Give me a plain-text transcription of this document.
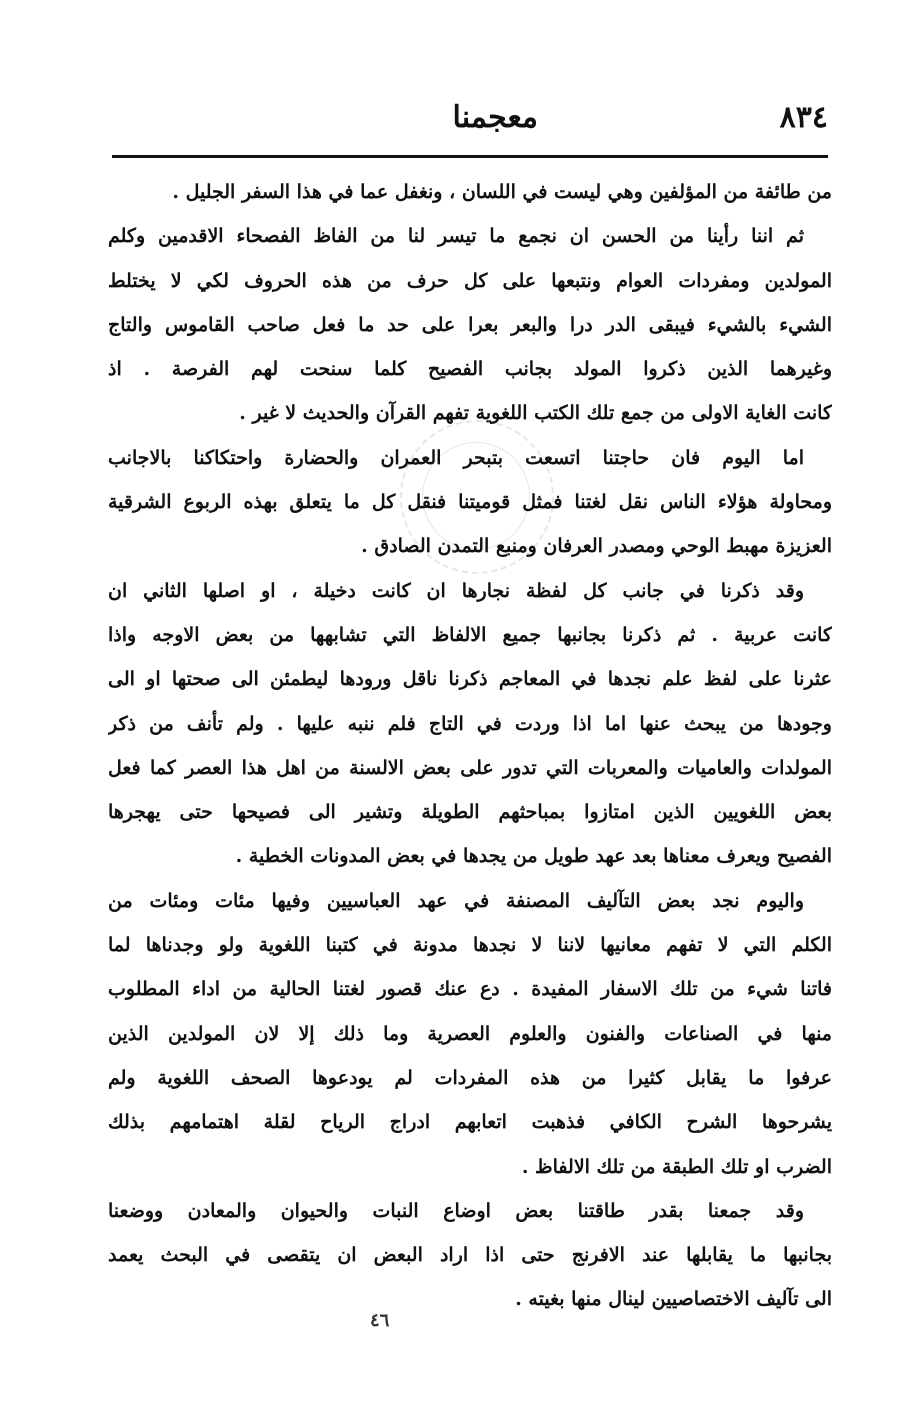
٨٣٤
معجمنا
من طائفة من المؤلفين وهي ليست في اللسان ، ونغفل عما في هذا السفر الجليل .
ثم اننا رأينا من الحسن ان نجمع ما تيسر لنا من الفاظ الفصحاء الاقدمين وكلم
المولدين ومفردات العوام ونتبعها على كل حرف من هذه الحروف لكي لا يختلط
الشيء بالشيء فيبقى الدر درا والبعر بعرا على حد ما فعل صاحب القاموس والتاج
وغيرهما الذين ذكروا المولد بجانب الفصيح كلما سنحت لهم الفرصة . اذ
كانت الغاية الاولى من جمع تلك الكتب اللغوية تفهم القرآن والحديث لا غير .
اما اليوم فان حاجتنا اتسعت بتبحر العمران والحضارة واحتكاكنا بالاجانب
ومحاولة هؤلاء الناس نقل لغتنا فمثل قوميتنا فنقل كل ما يتعلق بهذه الربوع الشرقية
العزيزة مهبط الوحي ومصدر العرفان ومنبع التمدن الصادق .
وقد ذكرنا في جانب كل لفظة نجارها ان كانت دخيلة ، او اصلها الثاني ان
كانت عربية . ثم ذكرنا بجانبها جميع الالفاظ التي تشابهها من بعض الاوجه واذا
عثرنا على لفظ علم نجدها في المعاجم ذكرنا ناقل ورودها ليطمئن الى صحتها او الى
وجودها من يبحث عنها اما اذا وردت في التاج فلم ننبه عليها . ولم تأنف من ذكر
المولدات والعاميات والمعربات التي تدور على بعض الالسنة من اهل هذا العصر كما فعل
بعض اللغويين الذين امتازوا بمباحثهم الطويلة وتشير الى فصيحها حتى يهجرها
الفصيح ويعرف معناها بعد عهد طويل من يجدها في بعض المدونات الخطية .
واليوم نجد بعض التآليف المصنفة في عهد العباسيين وفيها مئات ومئات من
الكلم التي لا تفهم معانيها لاننا لا نجدها مدونة في كتبنا اللغوية ولو وجدناها لما
فاتنا شيء من تلك الاسفار المفيدة . دع عنك قصور لغتنا الحالية من اداء المطلوب
منها في الصناعات والفنون والعلوم العصرية وما ذلك إلا لان المولدين الذين
عرفوا ما يقابل كثيرا من هذه المفردات لم يودعوها الصحف اللغوية ولم
يشرحوها الشرح الكافي فذهبت اتعابهم ادراج الرياح لقلة اهتمامهم بذلك
الضرب او تلك الطبقة من تلك الالفاظ .
وقد جمعنا بقدر طاقتنا بعض اوضاع النبات والحيوان والمعادن ووضعنا
بجانبها ما يقابلها عند الافرنج حتى اذا اراد البعض ان يتقصى في البحث يعمد
الى تآليف الاختصاصيين لينال منها بغيته .
٤٦
